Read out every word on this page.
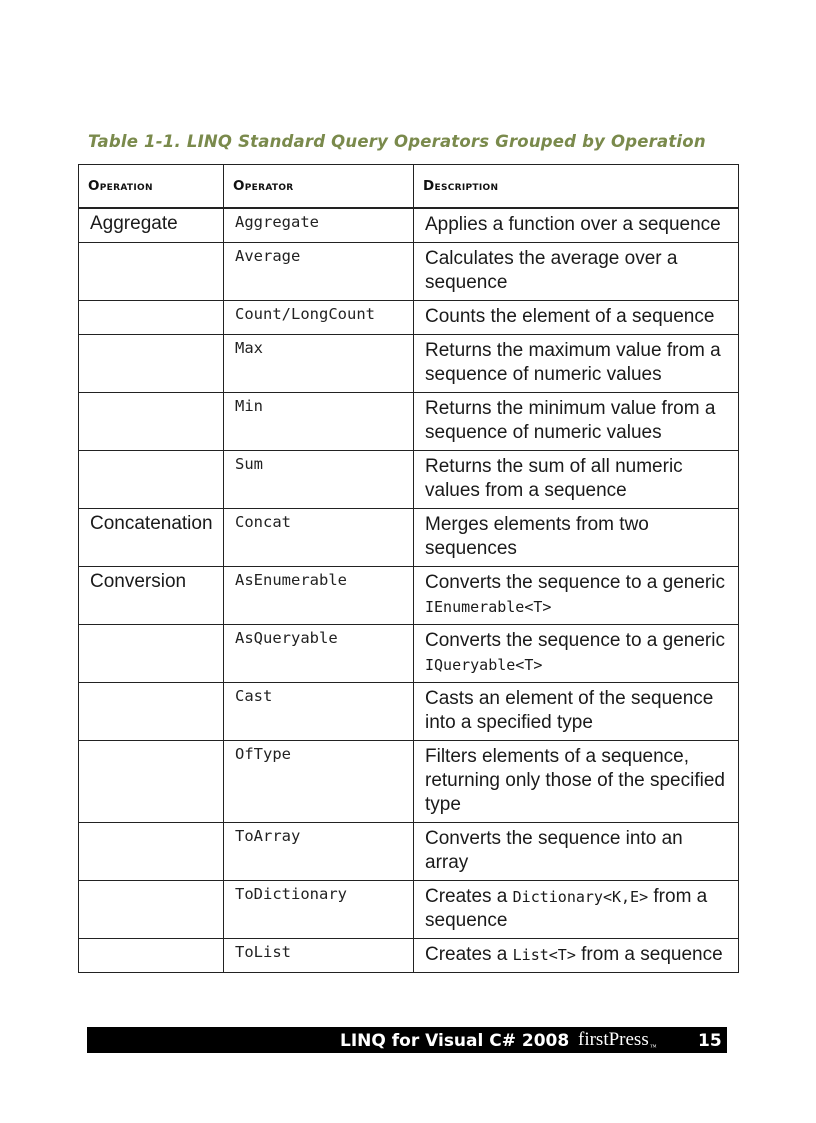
Table 1-1. LINQ Standard Query Operators Grouped by Operation
Operation	Operator	Description
Aggregate	Aggregate	Applies a function over a sequence
	Average	Calculates the average over a sequence
	Count/LongCount	Counts the element of a sequence
	Max	Returns the maximum value from a sequence of numeric values
	Min	Returns the minimum value from a sequence of numeric values
	Sum	Returns the sum of all numeric values from a sequence
Concatenation	Concat	Merges elements from two sequences
Conversion	AsEnumerable	Converts the sequence to a generic IEnumerable<T>
	AsQueryable	Converts the sequence to a generic IQueryable<T>
	Cast	Casts an element of the sequence into a specified type
	OfType	Filters elements of a sequence, returning only those of the specified type
	ToArray	Converts the sequence into an array
	ToDictionary	Creates a Dictionary<K,E> from a sequence
	ToList	Creates a List<T> from a sequence
LINQ for Visual C# 2008 firstPress™ 15
